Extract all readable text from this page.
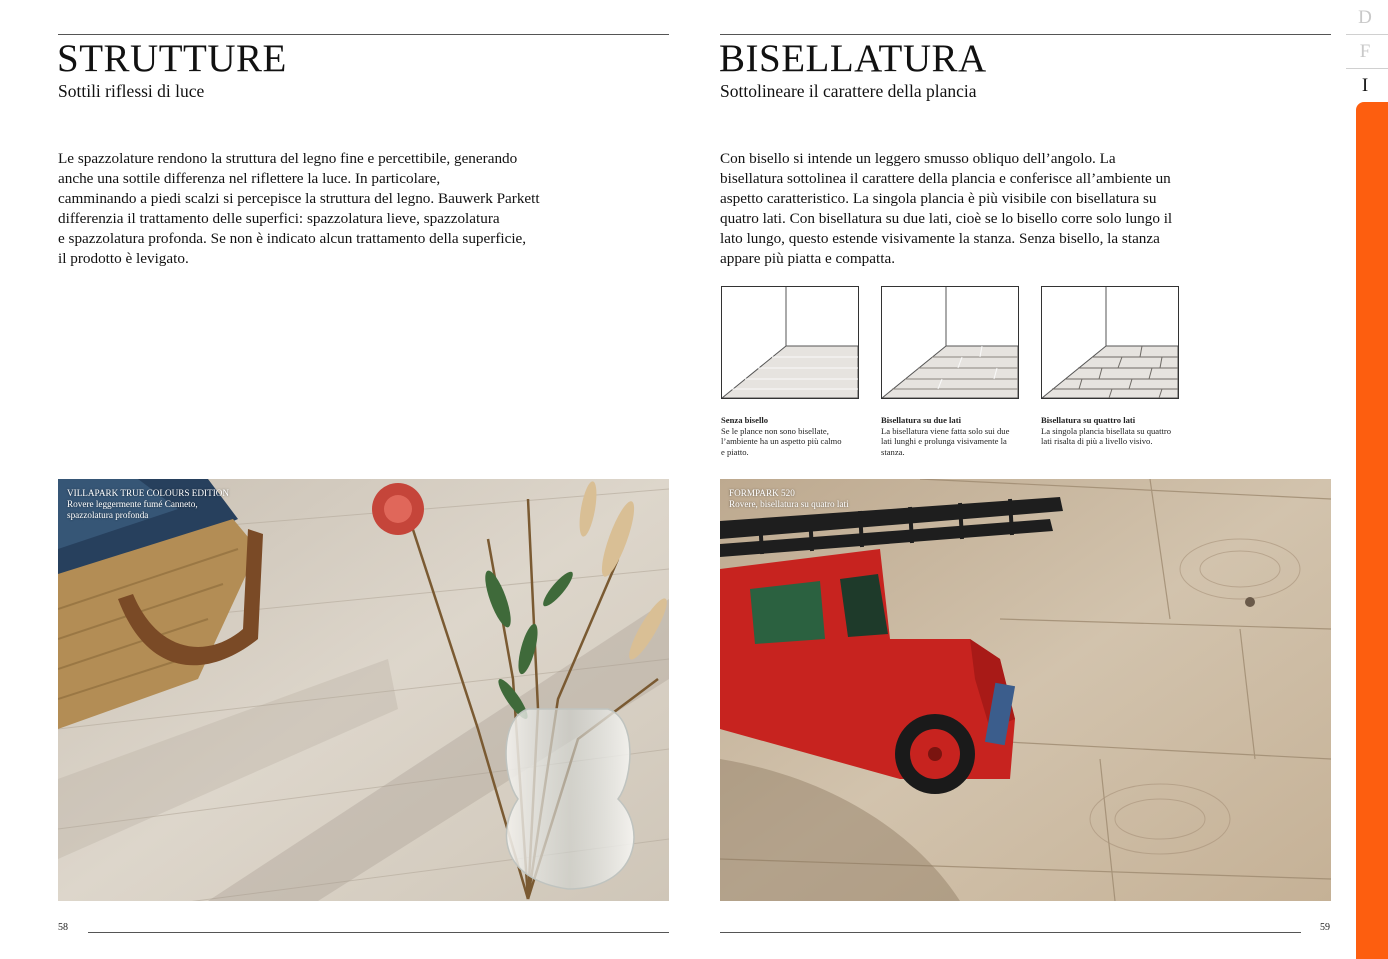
STRUTTURE
Sottili riflessi di luce
Le spazzolature rendono la struttura del legno fine e percettibile, generando
anche una sottile differenza nel riflettere la luce. In particolare,
camminando a piedi scalzi si percepisce la struttura del legno. Bauwerk Parkett
differenzia il trattamento delle superfici: spazzolatura lieve, spazzolatura
e spazzolatura profonda. Se non è indicato alcun trattamento della superficie,
il prodotto è levigato.
VILLAPARK TRUE COLOURS EDITION
Rovere leggermente fumé Canneto,
spazzolatura profonda
58
BISELLATURA
Sottolineare il carattere della plancia
Con bisello si intende un leggero smusso obliquo dell’angolo. La
bisellatura sottolinea il carattere della plancia e conferisce all’ambiente un
aspetto caratteristico. La singola plancia è più visibile con bisellatura su
quatro lati. Con bisellatura su due lati, cioè se lo bisello corre solo lungo il
lato lungo, questo estende visivamente la stanza. Senza bisello, la stanza
appare più piatta e compatta.
Senza bisello
Se le plance non sono bisellate,
l’ambiente ha un aspetto più calmo
e piatto.
Bisellatura su due lati
La bisellatura viene fatta solo sui due
lati lunghi e prolunga visivamente la
stanza.
Bisellatura su quattro lati
La singola plancia bisellata su quattro
lati risalta di più a livello visivo.
FORMPARK 520
Rovere, bisellatura su quatro lati
59
D
F
I
